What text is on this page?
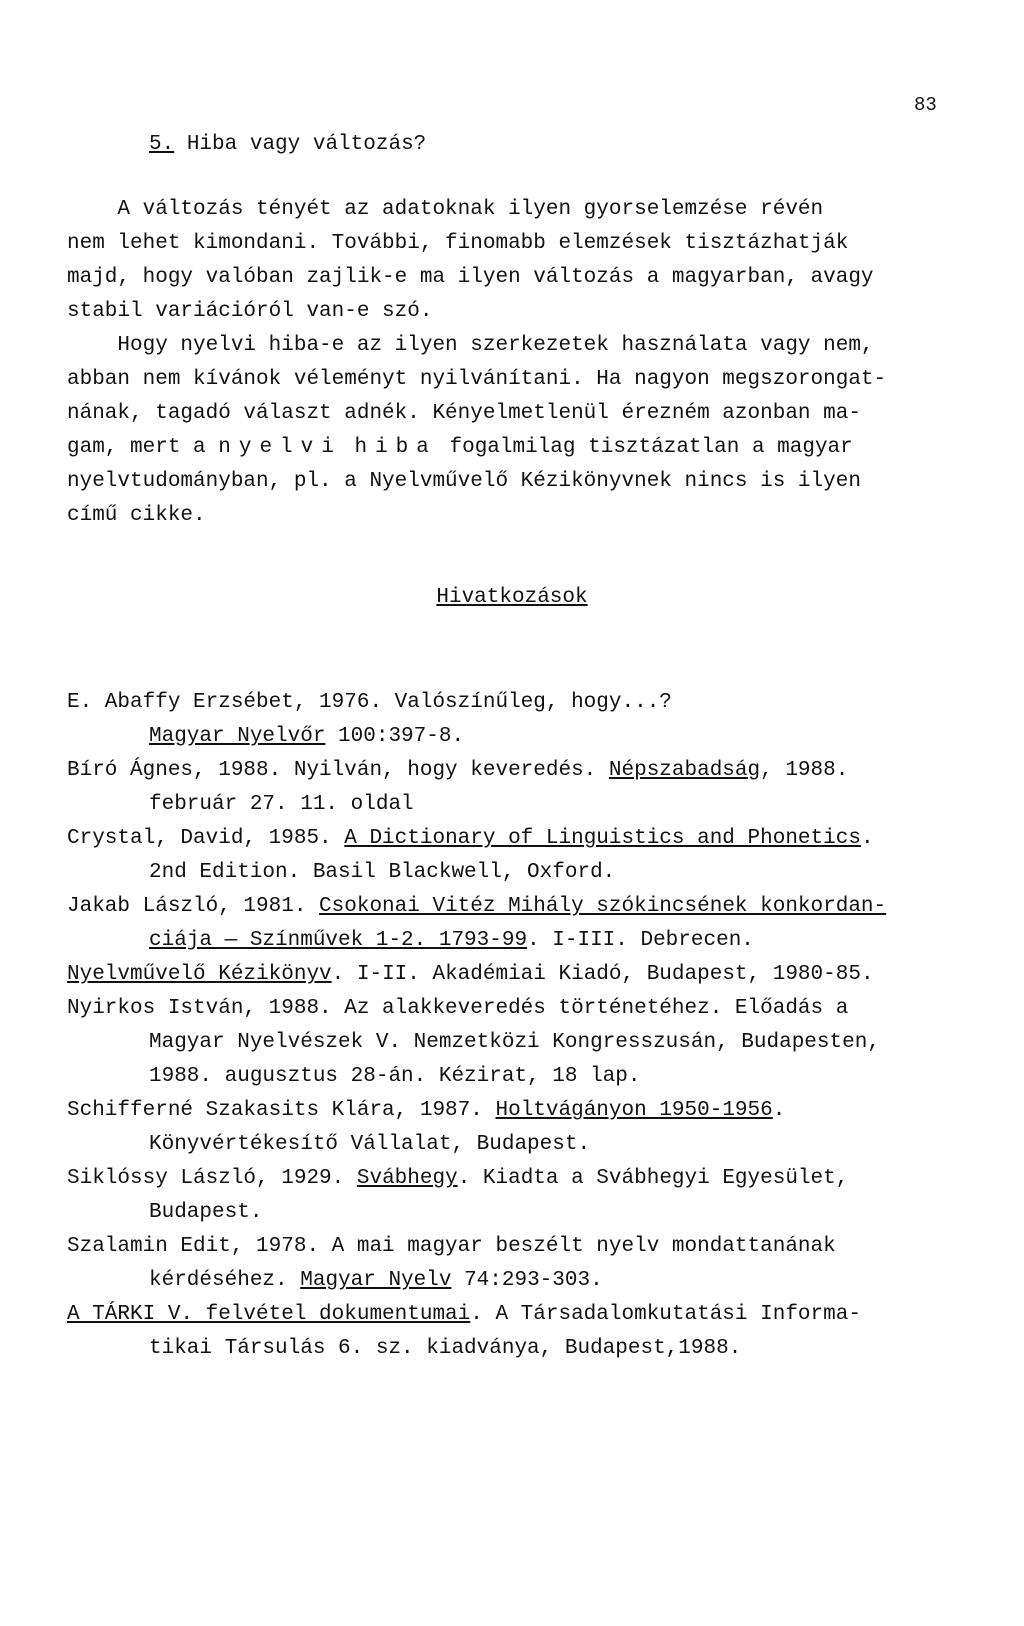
83
5. Hiba vagy változás?
A változás tényét az adatoknak ilyen gyorselemzése révén
nem lehet kimondani. További, finomabb elemzések tisztázhatják
majd, hogy valóban zajlik-e ma ilyen változás a magyarban, avagy
stabil variációról van-e szó.
Hogy nyelvi hiba-e az ilyen szerkezetek használata vagy nem,
abban nem kívánok véleményt nyilvánítani. Ha nagyon megszorongat-
nának, tagadó választ adnék. Kényelmetlenül érezném azonban ma-
gam, mert a nyelvi hiba fogalmilag tisztázatlan a magyar
nyelvtudományban, pl. a Nyelvművelő Kézikönyvnek nincs is ilyen
című cikke.
Hivatkozások
E. Abaffy Erzsébet, 1976. Valószínűleg, hogy...?
Magyar Nyelvőr 100:397-8.
Bíró Ágnes, 1988. Nyilván, hogy keveredés. Népszabadság, 1988.
február 27. 11. oldal
Crystal, David, 1985. A Dictionary of Linguistics and Phonetics.
2nd Edition. Basil Blackwell, Oxford.
Jakab László, 1981. Csokonai Vitéz Mihály szókincsének konkordan-
ciája — Színművek 1-2. 1793-99. I-III. Debrecen.
Nyelvművelő Kézikönyv. I-II. Akadémiai Kiadó, Budapest, 1980-85.
Nyirkos István, 1988. Az alakkeveredés történetéhez. Előadás a
Magyar Nyelvészek V. Nemzetközi Kongresszusán, Budapesten,
1988. augusztus 28-án. Kézirat, 18 lap.
Schifferné Szakasits Klára, 1987. Holtvágányon 1950-1956.
Könyvértékesítő Vállalat, Budapest.
Siklóssy László, 1929. Svábhegy. Kiadta a Svábhegyi Egyesület,
Budapest.
Szalamin Edit, 1978. A mai magyar beszélt nyelv mondattanának
kérdéséhez. Magyar Nyelv 74:293-303.
A TÁRKI V. felvétel dokumentumai. A Társadalomkutatási Informa-
tikai Társulás 6. sz. kiadványa, Budapest,1988.
